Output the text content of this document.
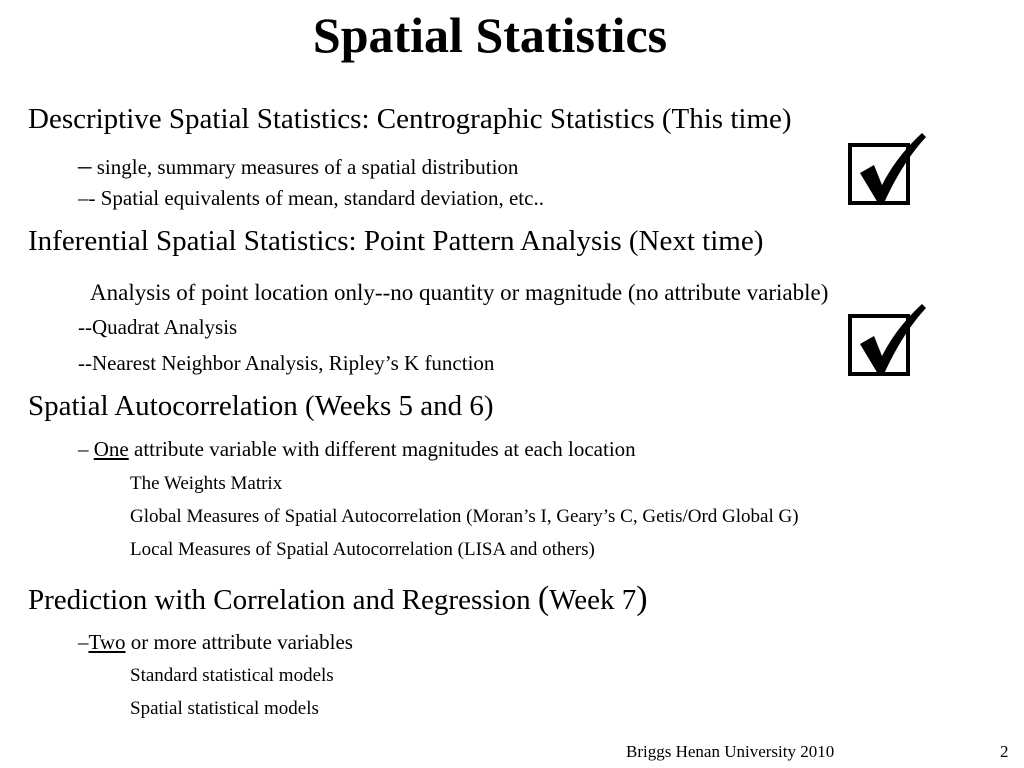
Spatial Statistics
Descriptive Spatial Statistics: Centrographic Statistics (This time)
– single, summary measures of a spatial distribution
–- Spatial equivalents of mean, standard deviation, etc..
Inferential Spatial Statistics: Point Pattern Analysis (Next time)
Analysis of point location only--no quantity or magnitude (no attribute variable)
--Quadrat Analysis
--Nearest Neighbor Analysis, Ripley’s K function
Spatial Autocorrelation (Weeks 5 and 6)
– One attribute variable with different magnitudes at each location
The Weights Matrix
Global Measures of Spatial Autocorrelation (Moran’s I, Geary’s C, Getis/Ord Global G)
Local Measures of Spatial Autocorrelation (LISA and others)
Prediction with Correlation and Regression (Week 7)
–Two or more attribute variables
Standard statistical models
Spatial statistical models
Briggs Henan University 2010	2
